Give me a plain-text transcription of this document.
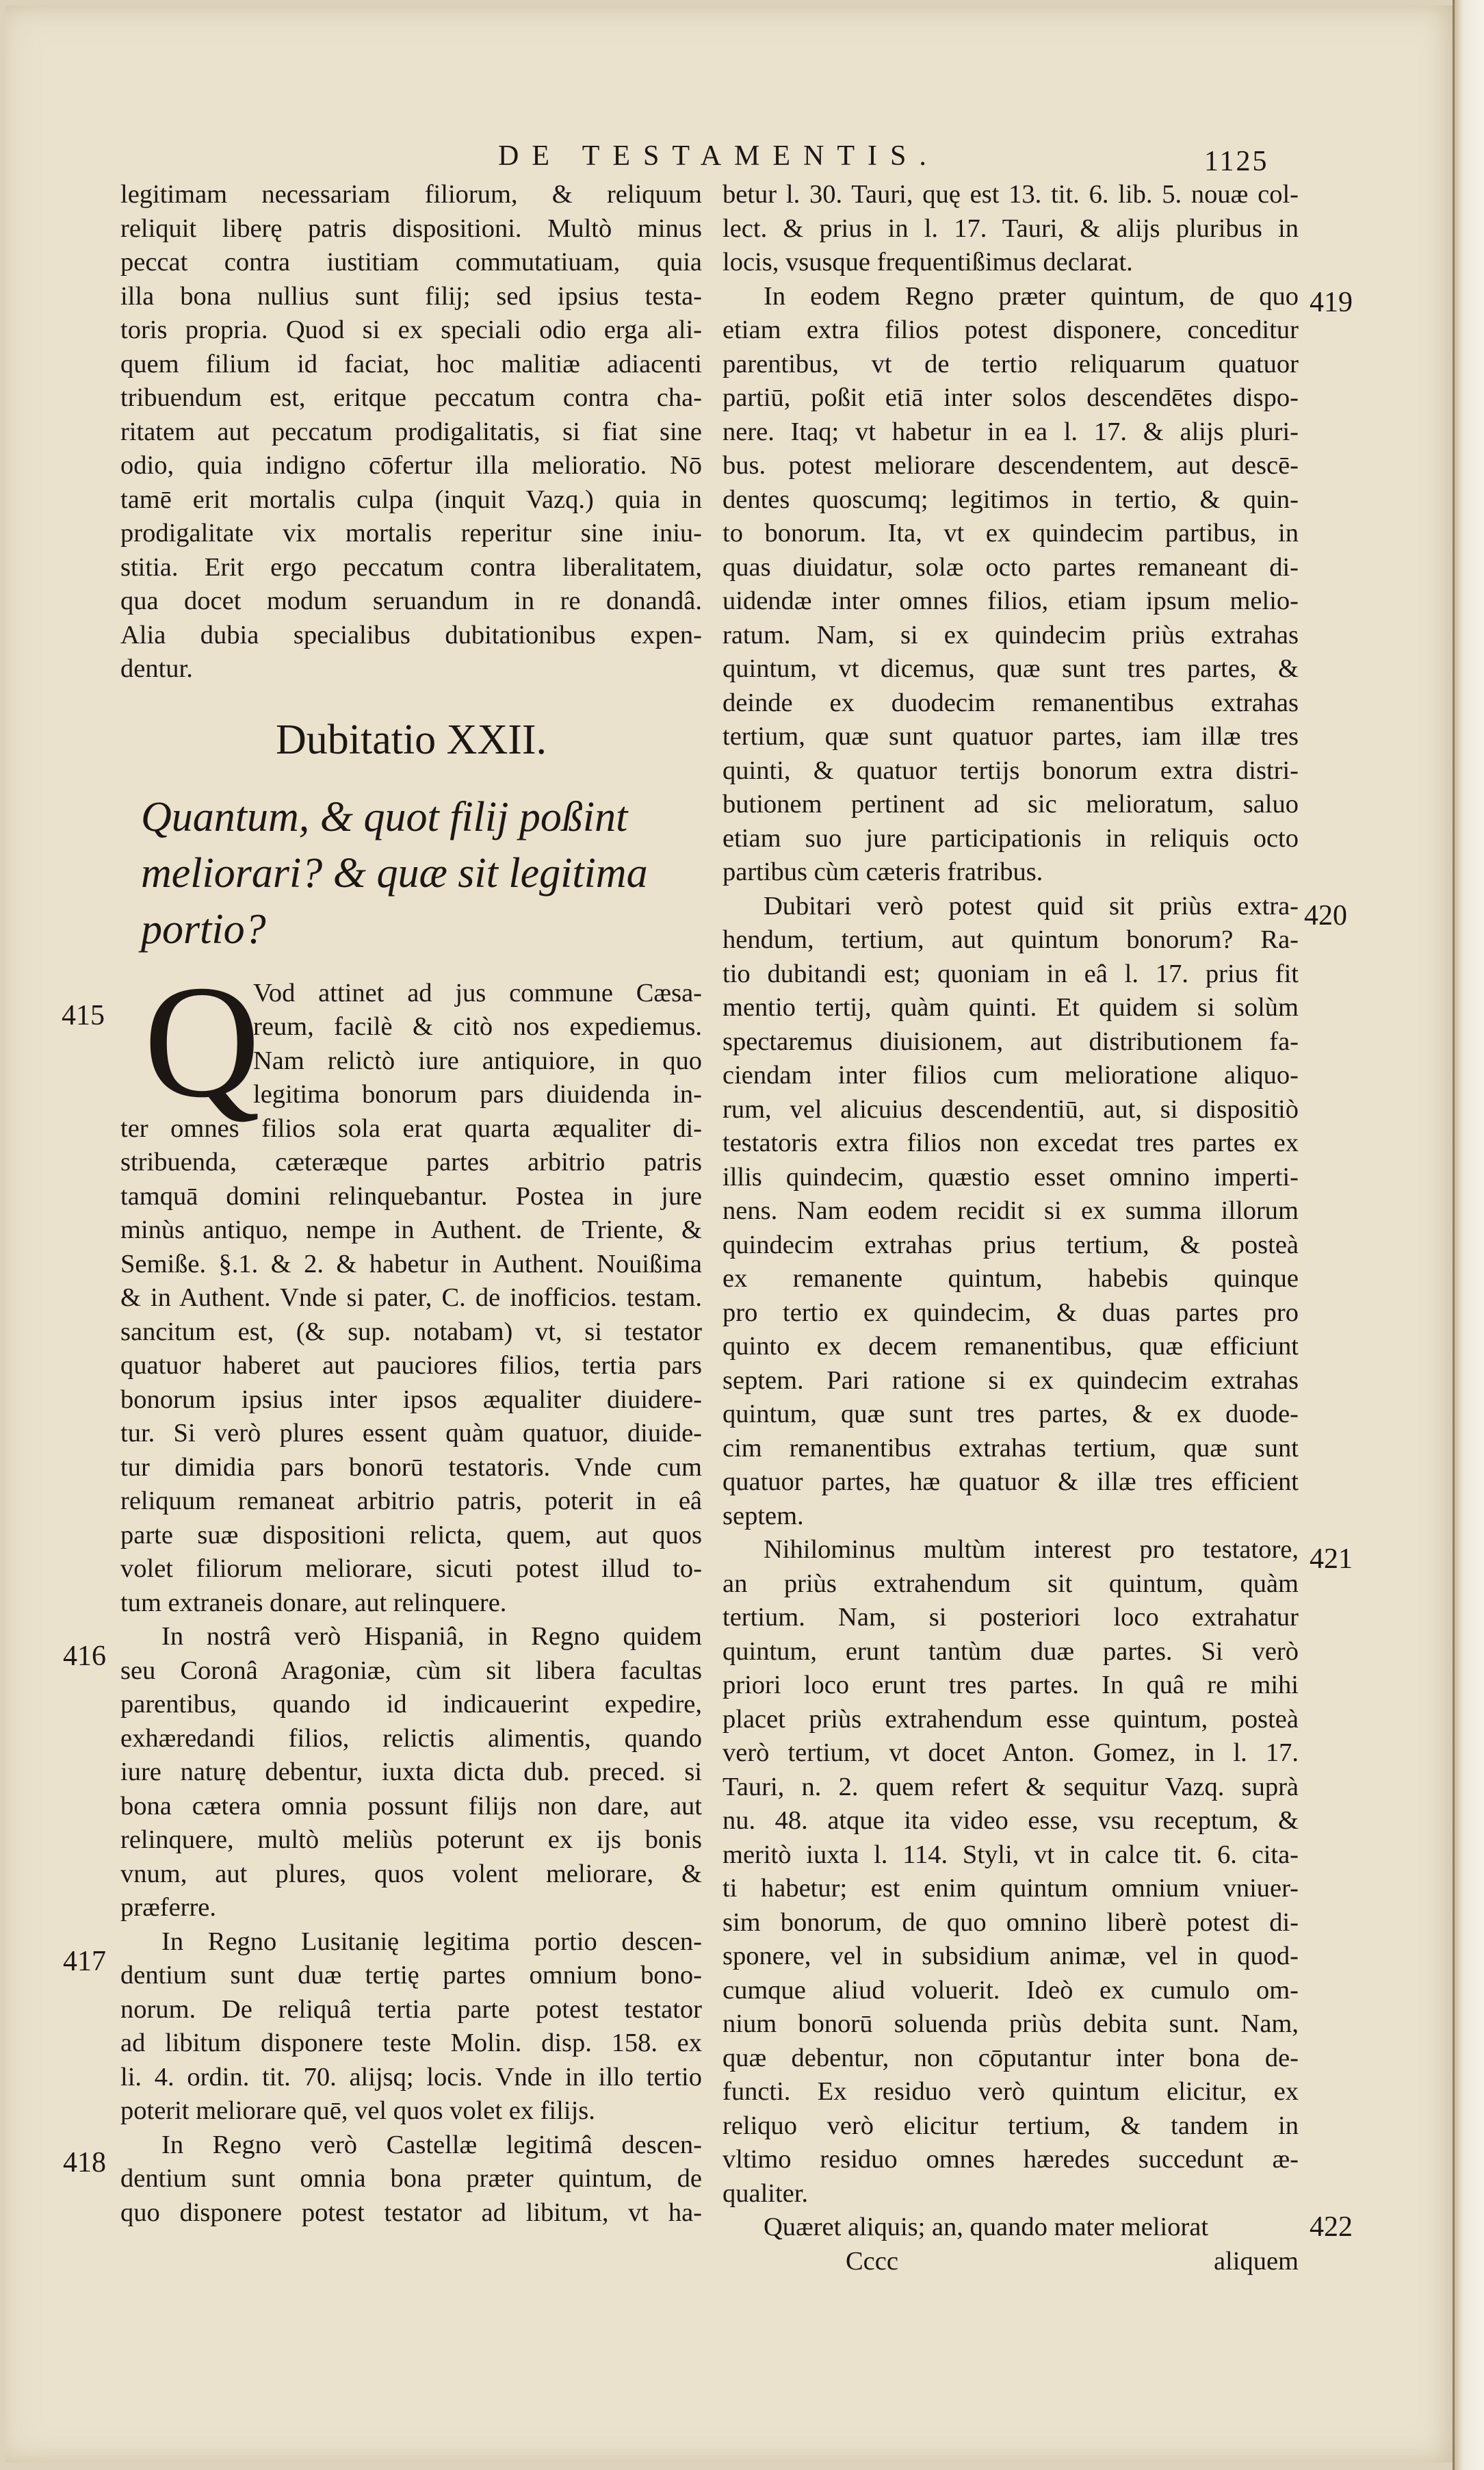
DE TESTAMENTIS.	1125
legitimam necessariam filiorum, & reliquum
reliquit liberę patris dispositioni. Multò minus
peccat contra iustitiam commutatiuam, quia
illa bona nullius sunt filij; sed ipsius testa-
toris propria. Quod si ex speciali odio erga ali-
quem filium id faciat, hoc malitiæ adiacenti
tribuendum est, eritque peccatum contra cha-
ritatem aut peccatum prodigalitatis, si fiat sine
odio, quia indigno cōfertur illa melioratio. Nō
tamē erit mortalis culpa (inquit Vazq.) quia in
prodigalitate vix mortalis reperitur sine iniu-
stitia. Erit ergo peccatum contra liberalitatem,
qua docet modum seruandum in re donandâ.
Alia dubia specialibus dubitationibus expen-
dentur.
Dubitatio XXII.
Quantum, & quot filij poßint
meliorari? & quæ sit legitima
portio?
Q
Vod attinet ad jus commune Cæsa-
reum, facilè & citò nos expediemus.
Nam relictò iure antiquiore, in quo
legitima bonorum pars diuidenda in-
ter omnes filios sola erat quarta æqualiter di-
stribuenda, cæteræque partes arbitrio patris
tamquā domini relinquebantur. Postea in jure
minùs antiquo, nempe in Authent. de Triente, &
Semiße. §.1. & 2. & habetur in Authent. Nouißima
& in Authent. Vnde si pater, C. de inofficios. testam.
sancitum est, (& sup. notabam) vt, si testator
quatuor haberet aut pauciores filios, tertia pars
bonorum ipsius inter ipsos æqualiter diuidere-
tur. Si verò plures essent quàm quatuor, diuide-
tur dimidia pars bonorū testatoris. Vnde cum
reliquum remaneat arbitrio patris, poterit in eâ
parte suæ dispositioni relicta, quem, aut quos
volet filiorum meliorare, sicuti potest illud to-
tum extraneis donare, aut relinquere.
In nostrâ verò Hispaniâ, in Regno quidem
seu Coronâ Aragoniæ, cùm sit libera facultas
parentibus, quando id indicauerint expedire,
exhæredandi filios, relictis alimentis, quando
iure naturę debentur, iuxta dicta dub. preced. si
bona cætera omnia possunt filijs non dare, aut
relinquere, multò meliùs poterunt ex ijs bonis
vnum, aut plures, quos volent meliorare, &
præferre.
In Regno Lusitanię legitima portio descen-
dentium sunt duæ tertię partes omnium bono-
norum. De reliquâ tertia parte potest testator
ad libitum disponere teste Molin. disp. 158. ex
li. 4. ordin. tit. 70. alijsq; locis. Vnde in illo tertio
poterit meliorare quē, vel quos volet ex filijs.
In Regno verò Castellæ legitimâ descen-
dentium sunt omnia bona præter quintum, de
quo disponere potest testator ad libitum, vt ha-
betur l. 30. Tauri, quę est 13. tit. 6. lib. 5. nouæ col-
lect. & prius in l. 17. Tauri, & alijs pluribus in
locis, vsusque frequentißimus declarat.
In eodem Regno præter quintum, de quo
etiam extra filios potest disponere, conceditur
parentibus, vt de tertio reliquarum quatuor
partiū, poßit etiā inter solos descendētes dispo-
nere. Itaq; vt habetur in ea l. 17. & alijs pluri-
bus. potest meliorare descendentem, aut descē-
dentes quoscumq; legitimos in tertio, & quin-
to bonorum. Ita, vt ex quindecim partibus, in
quas diuidatur, solæ octo partes remaneant di-
uidendæ inter omnes filios, etiam ipsum melio-
ratum. Nam, si ex quindecim priùs extrahas
quintum, vt dicemus, quæ sunt tres partes, &
deinde ex duodecim remanentibus extrahas
tertium, quæ sunt quatuor partes, iam illæ tres
quinti, & quatuor tertijs bonorum extra distri-
butionem pertinent ad sic melioratum, saluo
etiam suo jure participationis in reliquis octo
partibus cùm cæteris fratribus.
Dubitari verò potest quid sit priùs extra-
hendum, tertium, aut quintum bonorum? Ra-
tio dubitandi est; quoniam in eâ l. 17. prius fit
mentio tertij, quàm quinti. Et quidem si solùm
spectaremus diuisionem, aut distributionem fa-
ciendam inter filios cum melioratione aliquo-
rum, vel alicuius descendentiū, aut, si dispositiò
testatoris extra filios non excedat tres partes ex
illis quindecim, quæstio esset omnino imperti-
nens. Nam eodem recidit si ex summa illorum
quindecim extrahas prius tertium, & posteà
ex remanente quintum, habebis quinque
pro tertio ex quindecim, & duas partes pro
quinto ex decem remanentibus, quæ efficiunt
septem. Pari ratione si ex quindecim extrahas
quintum, quæ sunt tres partes, & ex duode-
cim remanentibus extrahas tertium, quæ sunt
quatuor partes, hæ quatuor & illæ tres efficient
septem.
Nihilominus multùm interest pro testatore,
an priùs extrahendum sit quintum, quàm
tertium. Nam, si posteriori loco extrahatur
quintum, erunt tantùm duæ partes. Si verò
priori loco erunt tres partes. In quâ re mihi
placet priùs extrahendum esse quintum, posteà
verò tertium, vt docet Anton. Gomez, in l. 17.
Tauri, n. 2. quem refert & sequitur Vazq. suprà
nu. 48. atque ita video esse, vsu receptum, &
meritò iuxta l. 114. Styli, vt in calce tit. 6. cita-
ti habetur; est enim quintum omnium vniuer-
sim bonorum, de quo omnino liberè potest di-
sponere, vel in subsidium animæ, vel in quod-
cumque aliud voluerit. Ideò ex cumulo om-
nium bonorū soluenda priùs debita sunt. Nam,
quæ debentur, non cōputantur inter bona de-
functi. Ex residuo verò quintum elicitur, ex
reliquo verò elicitur tertium, & tandem in
vltimo residuo omnes hæredes succedunt æ-
qualiter.
Quæret aliquis; an, quando mater meliorat
Cccc	aliquem
415
416
417
418
419
420
421
422
